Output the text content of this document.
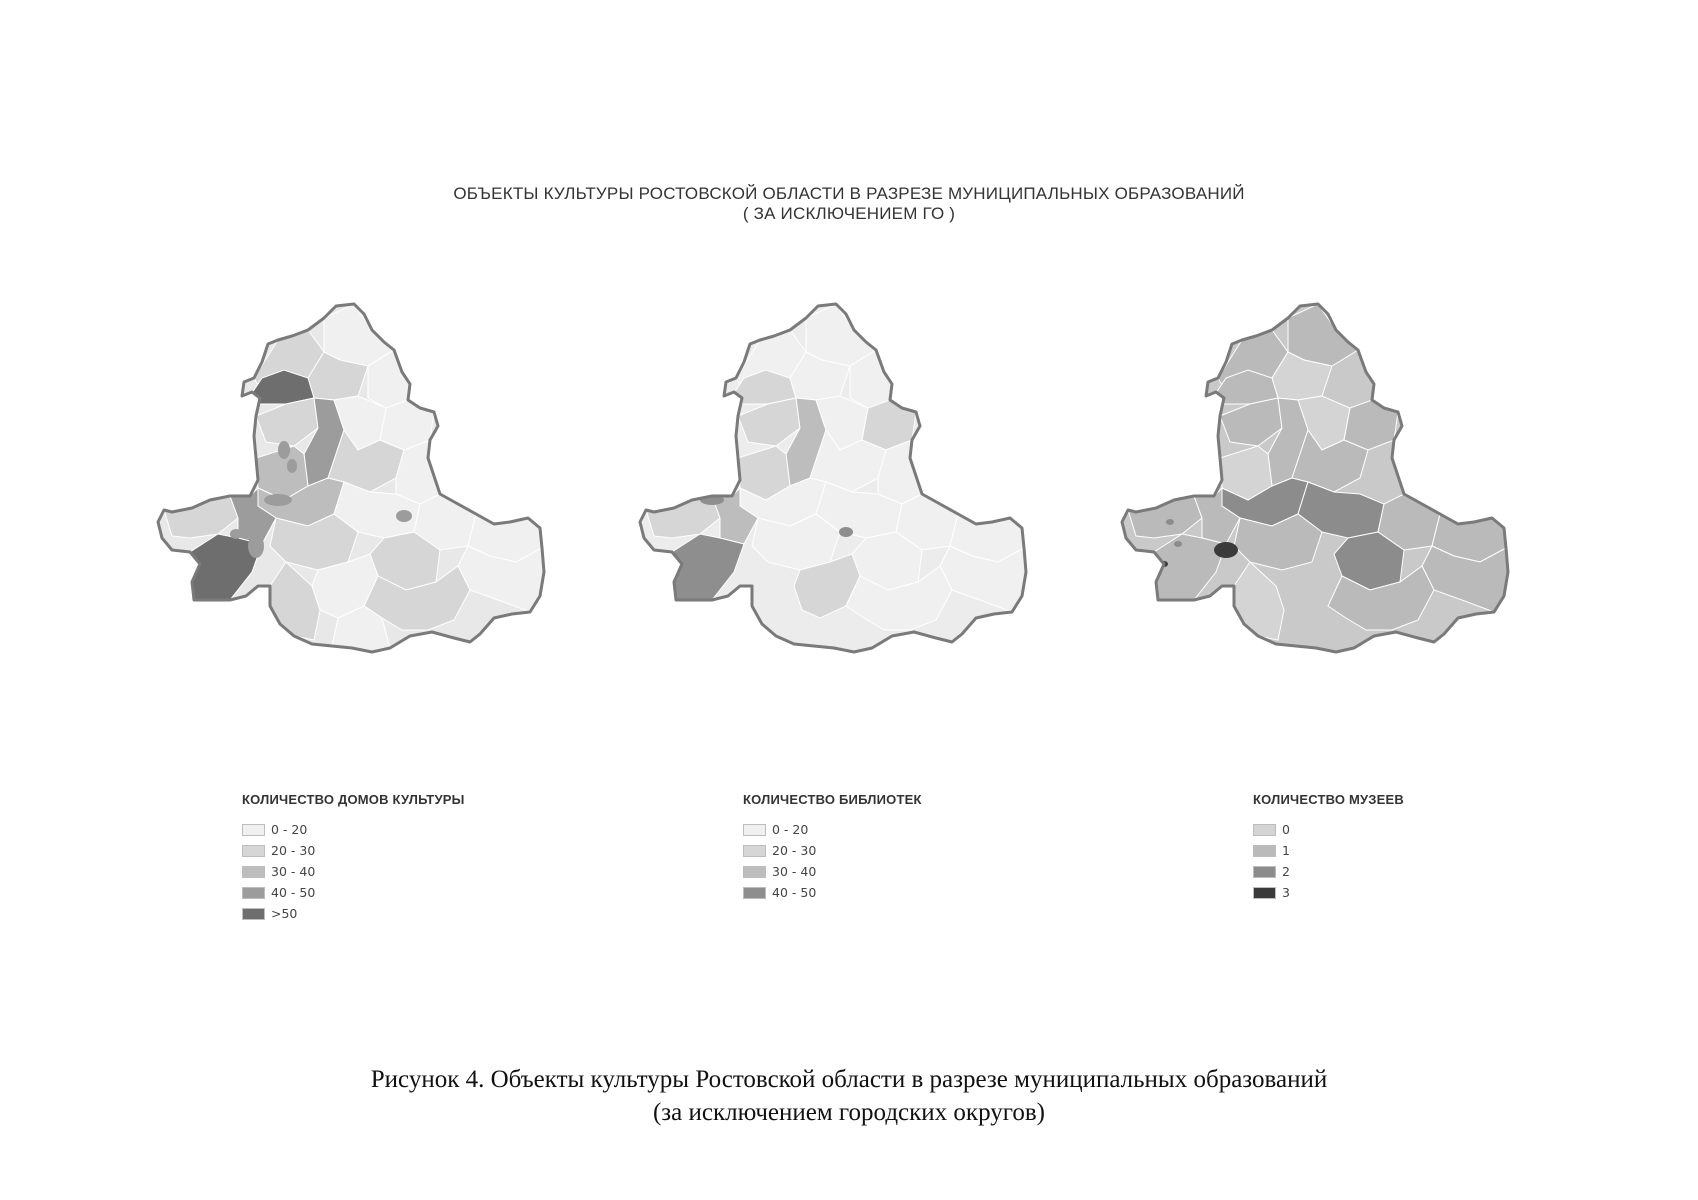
ОБЪЕКТЫ КУЛЬТУРЫ РОСТОВСКОЙ ОБЛАСТИ В РАЗРЕЗЕ МУНИЦИПАЛЬНЫХ ОБРАЗОВАНИЙ
( ЗА ИСКЛЮЧЕНИЕМ ГО )
КОЛИЧЕСТВО ДОМОВ КУЛЬТУРЫ
0 - 20
20 - 30
30 - 40
40 - 50
>50
КОЛИЧЕСТВО БИБЛИОТЕК
0 - 20
20 - 30
30 - 40
40 - 50
КОЛИЧЕСТВО МУЗЕЕВ
0
1
2
3
Рисунок 4. Объекты культуры Ростовской области в разрезе муниципальных образований
(за исключением городских округов)
